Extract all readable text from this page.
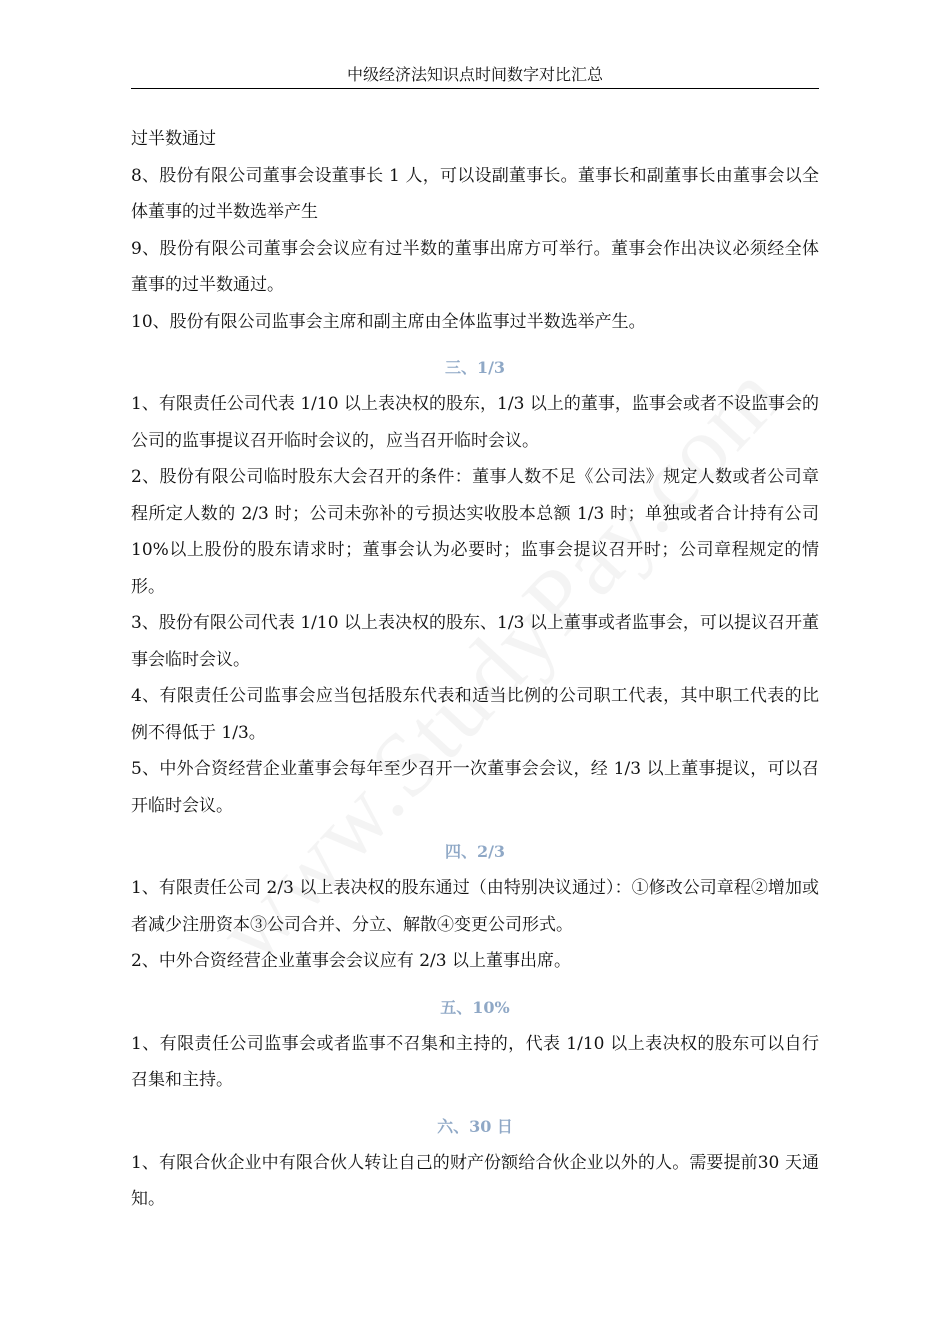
中级经济法知识点时间数字对比汇总

过半数通过

8、股份有限公司董事会设董事长 1 人，可以设副董事长。董事长和副董事长由董事会以全体董事的过半数选举产生

9、股份有限公司董事会会议应有过半数的董事出席方可举行。董事会作出决议必须经全体董事的过半数通过。

10、股份有限公司监事会主席和副主席由全体监事过半数选举产生。

三、1/3

1、有限责任公司代表 1/10 以上表决权的股东，1/3 以上的董事，监事会或者不设监事会的公司的监事提议召开临时会议的，应当召开临时会议。

2、股份有限公司临时股东大会召开的条件：董事人数不足《公司法》规定人数或者公司章程所定人数的 2/3 时；公司未弥补的亏损达实收股本总额 1/3 时；单独或者合计持有公司 10%以上股份的股东请求时；董事会认为必要时；监事会提议召开时；公司章程规定的情形。

3、股份有限公司代表 1/10 以上表决权的股东、1/3 以上董事或者监事会，可以提议召开董事会临时会议。

4、有限责任公司监事会应当包括股东代表和适当比例的公司职工代表，其中职工代表的比例不得低于 1/3。

5、中外合资经营企业董事会每年至少召开一次董事会会议，经 1/3 以上董事提议，可以召开临时会议。

四、2/3

1、有限责任公司 2/3 以上表决权的股东通过（由特别决议通过）：①修改公司章程②增加或者减少注册资本③公司合并、分立、解散④变更公司形式。

2、中外合资经营企业董事会会议应有 2/3 以上董事出席。

五、10%

1、有限责任公司监事会或者监事不召集和主持的，代表 1/10 以上表决权的股东可以自行召集和主持。

六、30 日

1、有限合伙企业中有限合伙人转让自己的财产份额给合伙企业以外的人。需要提前30 天通知。
